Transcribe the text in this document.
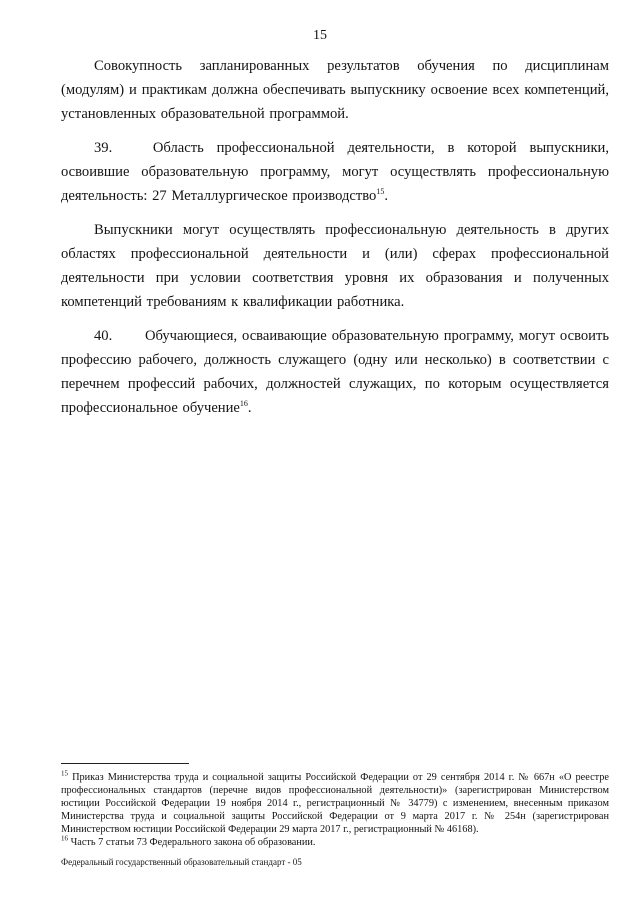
15

Совокупность запланированных результатов обучения по дисциплинам (модулям) и практикам должна обеспечивать выпускнику освоение всех компетенций, установленных образовательной программой.

39.	Область профессиональной деятельности, в которой выпускники, освоившие образовательную программу, могут осуществлять профессиональную деятельность: 27 Металлургическое производство$^{15}$.

Выпускники могут осуществлять профессиональную деятельность в других областях профессиональной деятельности и (или) сферах профессиональной деятельности при условии соответствия уровня их образования и полученных компетенций требованиям к квалификации работника.

40. Обучающиеся, осваивающие образовательную программу, могут освоить профессию рабочего, должность служащего (одну или несколько) в соответствии с перечнем профессий рабочих, должностей служащих, по которым осуществляется профессиональное обучение$^{16}$.

$^{15}$ Приказ Министерства труда и социальной защиты Российской Федерации от 29 сентября 2014 г. № 667н «О реестре профессиональных стандартов (перечне видов профессиональной деятельности)» (зарегистрирован Министерством юстиции Российской Федерации 19 ноября 2014 г., регистрационный № 34779) с изменением, внесенным приказом Министерства труда и социальной защиты Российской Федерации от 9 марта 2017 г. № 254н (зарегистрирован Министерством юстиции Российской Федерации 29 марта 2017 г., регистрационный № 46168).

$^{16}$ Часть 7 статьи 73 Федерального закона об образовании.

Федеральный государственный образовательный стандарт - 05
